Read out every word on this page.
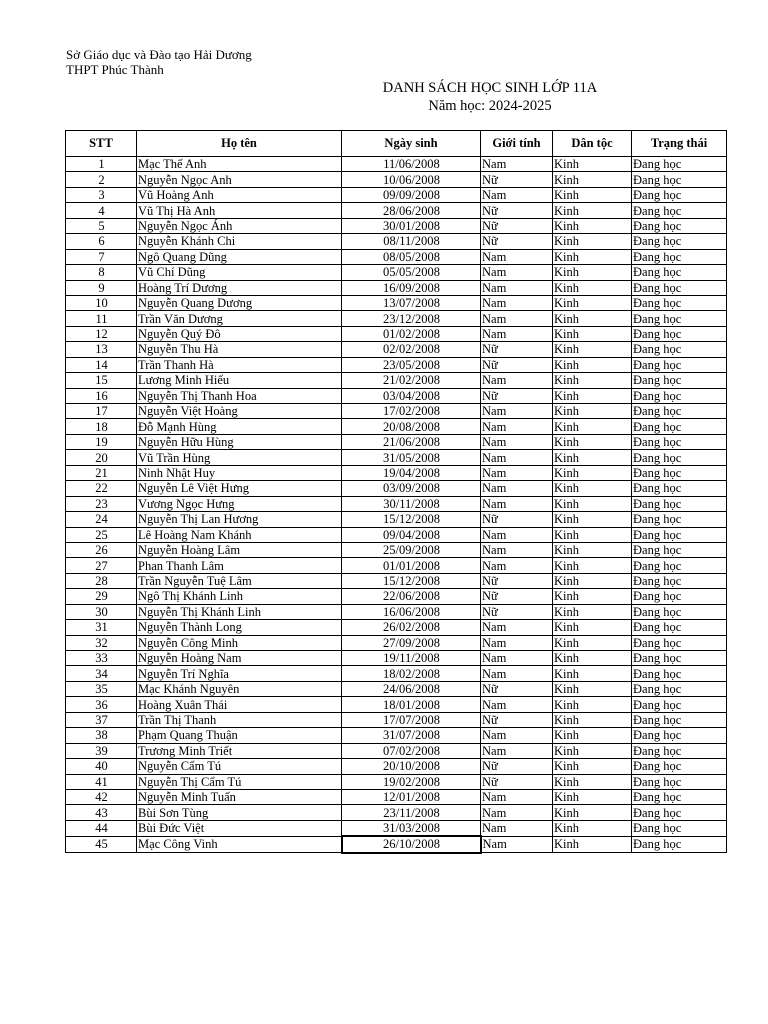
Sở Giáo dục và Đào tạo Hải Dương
THPT Phúc Thành
DANH SÁCH HỌC SINH LỚP 11A
Năm học: 2024-2025
STT	Họ tên	Ngày sinh	Giới tính	Dân tộc	Trạng thái
1	Mạc Thế Anh	11/06/2008	Nam	Kinh	Đang học
2	Nguyễn Ngọc Anh	10/06/2008	Nữ	Kinh	Đang học
3	Vũ Hoàng Anh	09/09/2008	Nam	Kinh	Đang học
4	Vũ Thị Hà Anh	28/06/2008	Nữ	Kinh	Đang học
5	Nguyễn Ngọc Ánh	30/01/2008	Nữ	Kinh	Đang học
6	Nguyễn Khánh Chi	08/11/2008	Nữ	Kinh	Đang học
7	Ngô Quang Dũng	08/05/2008	Nam	Kinh	Đang học
8	Vũ Chí Dũng	05/05/2008	Nam	Kinh	Đang học
9	Hoàng Trí Dương	16/09/2008	Nam	Kinh	Đang học
10	Nguyễn Quang Dương	13/07/2008	Nam	Kinh	Đang học
11	Trần Văn Dương	23/12/2008	Nam	Kinh	Đang học
12	Nguyễn Quý Đô	01/02/2008	Nam	Kinh	Đang học
13	Nguyễn Thu Hà	02/02/2008	Nữ	Kinh	Đang học
14	Trần Thanh Hà	23/05/2008	Nữ	Kinh	Đang học
15	Lương Minh Hiếu	21/02/2008	Nam	Kinh	Đang học
16	Nguyễn Thị Thanh Hoa	03/04/2008	Nữ	Kinh	Đang học
17	Nguyễn Việt Hoàng	17/02/2008	Nam	Kinh	Đang học
18	Đỗ Mạnh Hùng	20/08/2008	Nam	Kinh	Đang học
19	Nguyễn Hữu Hùng	21/06/2008	Nam	Kinh	Đang học
20	Vũ Trần Hùng	31/05/2008	Nam	Kinh	Đang học
21	Ninh Nhật Huy	19/04/2008	Nam	Kinh	Đang học
22	Nguyễn Lê Việt Hưng	03/09/2008	Nam	Kinh	Đang học
23	Vương Ngọc Hưng	30/11/2008	Nam	Kinh	Đang học
24	Nguyễn Thị Lan Hương	15/12/2008	Nữ	Kinh	Đang học
25	Lê Hoàng Nam Khánh	09/04/2008	Nam	Kinh	Đang học
26	Nguyễn Hoàng Lâm	25/09/2008	Nam	Kinh	Đang học
27	Phan Thanh Lâm	01/01/2008	Nam	Kinh	Đang học
28	Trần Nguyễn Tuệ Lâm	15/12/2008	Nữ	Kinh	Đang học
29	Ngô Thị Khánh Linh	22/06/2008	Nữ	Kinh	Đang học
30	Nguyễn Thị Khánh Linh	16/06/2008	Nữ	Kinh	Đang học
31	Nguyễn Thành Long	26/02/2008	Nam	Kinh	Đang học
32	Nguyễn Công Minh	27/09/2008	Nam	Kinh	Đang học
33	Nguyễn Hoàng Nam	19/11/2008	Nam	Kinh	Đang học
34	Nguyễn Trí Nghĩa	18/02/2008	Nam	Kinh	Đang học
35	Mạc Khánh Nguyên	24/06/2008	Nữ	Kinh	Đang học
36	Hoàng Xuân Thái	18/01/2008	Nam	Kinh	Đang học
37	Trần Thị Thanh	17/07/2008	Nữ	Kinh	Đang học
38	Phạm Quang Thuận	31/07/2008	Nam	Kinh	Đang học
39	Trương Minh Triết	07/02/2008	Nam	Kinh	Đang học
40	Nguyễn Cẩm Tú	20/10/2008	Nữ	Kinh	Đang học
41	Nguyễn Thị Cẩm Tú	19/02/2008	Nữ	Kinh	Đang học
42	Nguyễn Minh Tuấn	12/01/2008	Nam	Kinh	Đang học
43	Bùi Sơn Tùng	23/11/2008	Nam	Kinh	Đang học
44	Bùi Đức Việt	31/03/2008	Nam	Kinh	Đang học
45	Mạc Công Vinh	26/10/2008	Nam	Kinh	Đang học
